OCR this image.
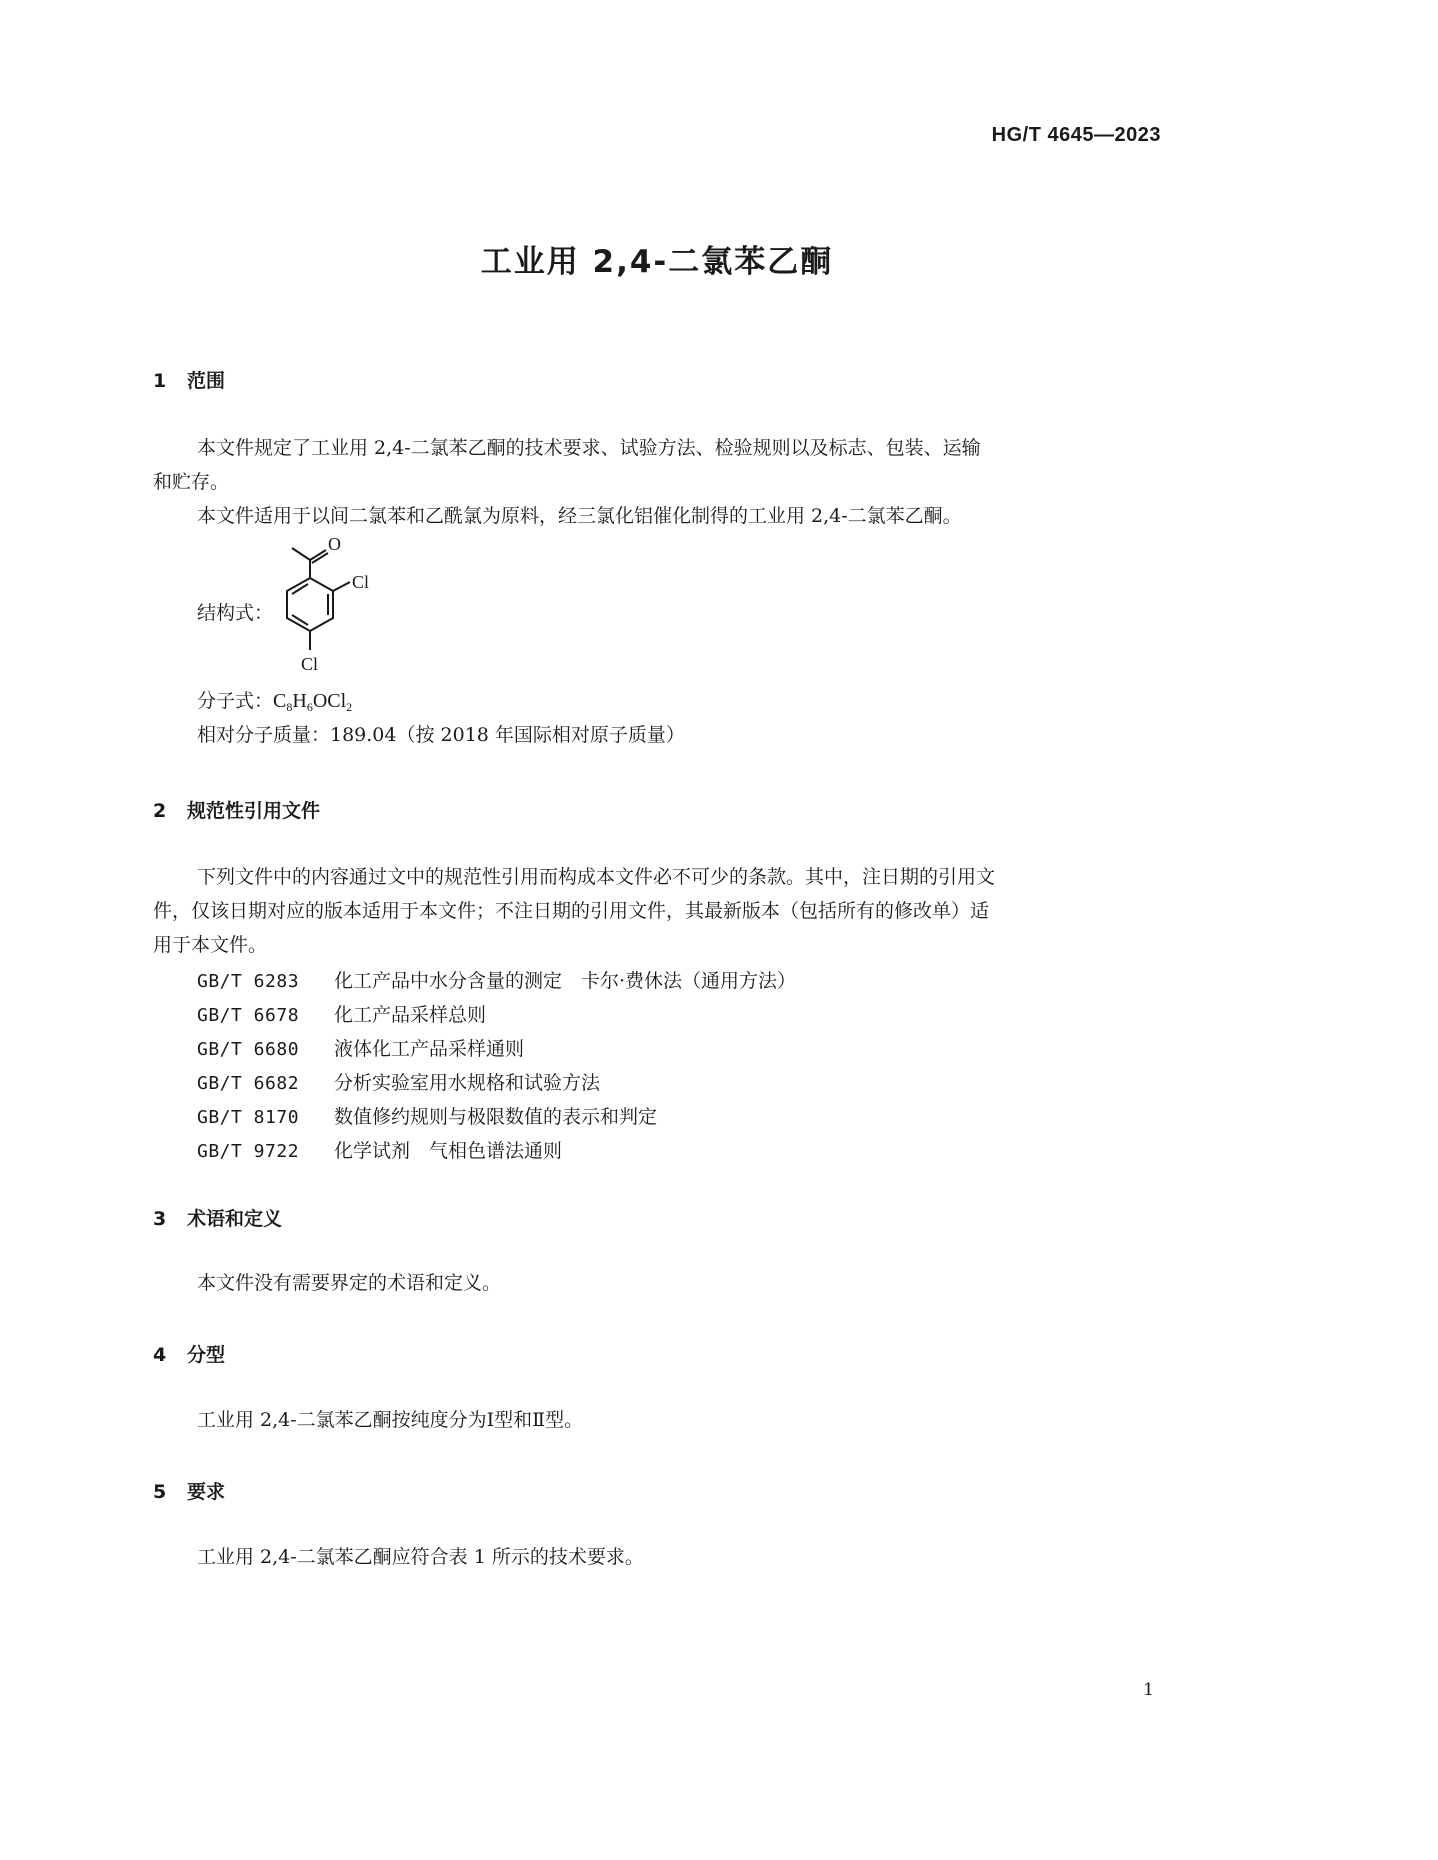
HG/T 4645—2023
工业用 2,4-二氯苯乙酮
1 范围
本文件规定了工业用 2,4-二氯苯乙酮的技术要求、试验方法、检验规则以及标志、包装、运输
和贮存。
本文件适用于以间二氯苯和乙酰氯为原料，经三氯化铝催化制得的工业用 2,4-二氯苯乙酮。
结构式：
O
Cl
Cl
分子式：$C_8H_6OCl_2$
相对分子质量：189.04（按 2018 年国际相对原子质量）
2 规范性引用文件
下列文件中的内容通过文中的规范性引用而构成本文件必不可少的条款。其中，注日期的引用文
件，仅该日期对应的版本适用于本文件；不注日期的引用文件，其最新版本（包括所有的修改单）适
用于本文件。
GB/T 6283 化工产品中水分含量的测定　卡尔·费休法（通用方法）
GB/T 6678 化工产品采样总则
GB/T 6680 液体化工产品采样通则
GB/T 6682 分析实验室用水规格和试验方法
GB/T 8170 数值修约规则与极限数值的表示和判定
GB/T 9722 化学试剂　气相色谱法通则
3 术语和定义
本文件没有需要界定的术语和定义。
4 分型
工业用 2,4-二氯苯乙酮按纯度分为Ⅰ型和Ⅱ型。
5 要求
工业用 2,4-二氯苯乙酮应符合表 1 所示的技术要求。
1
